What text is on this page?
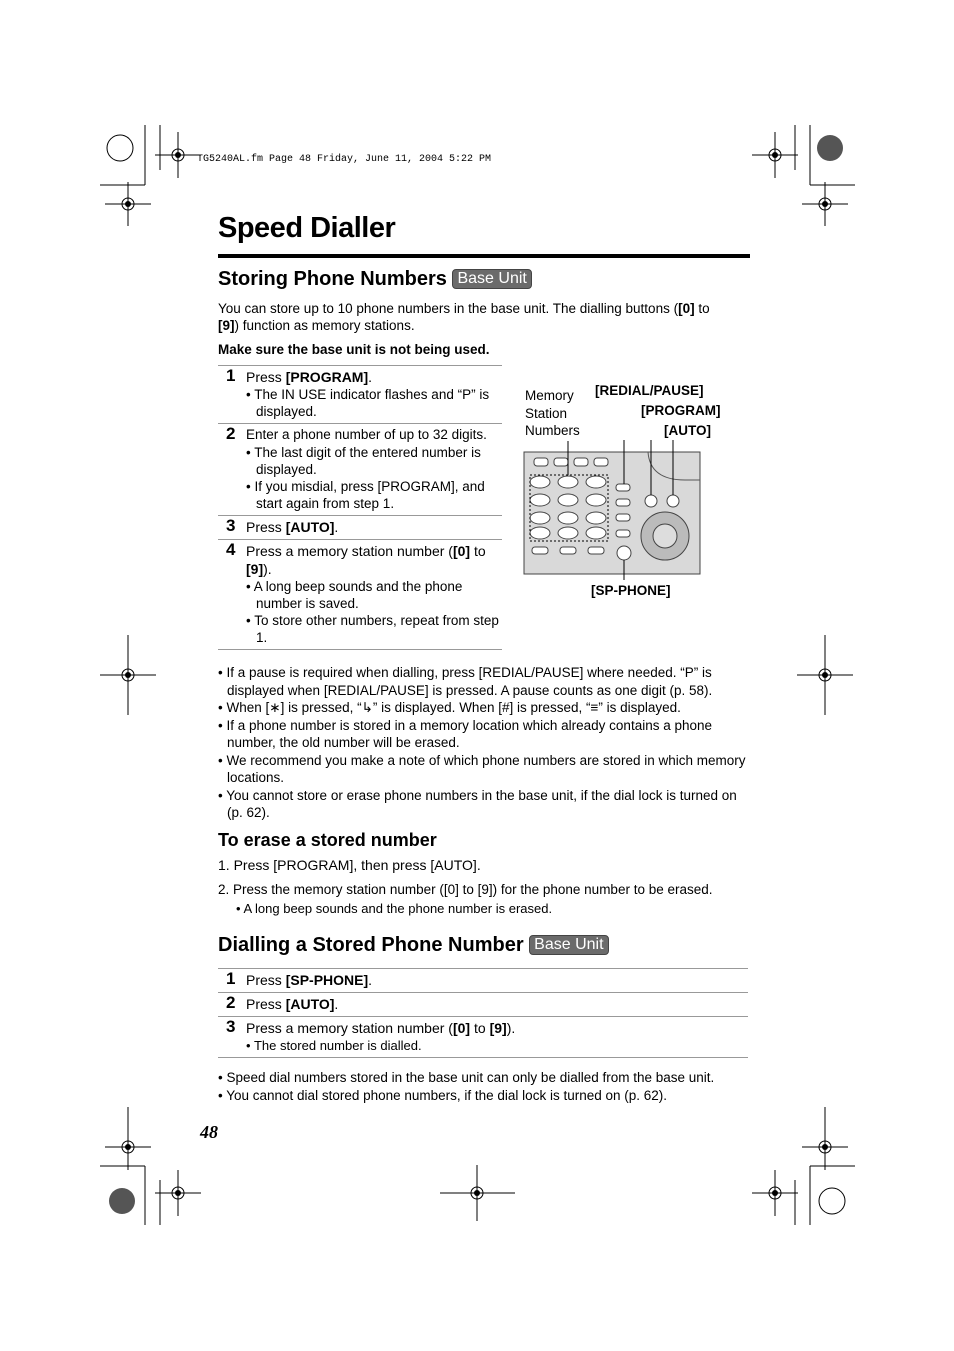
TG5240AL.fm Page 48 Friday, June 11, 2004 5:22 PM
Speed Dialler
Storing Phone Numbers Base Unit
You can store up to 10 phone numbers in the base unit. The dialling buttons ([0] to
[9]) function as memory stations.
Make sure the base unit is not being used.
1 Press [PROGRAM].
• The IN USE indicator flashes and “P” is displayed.
2 Enter a phone number of up to 32 digits.
• The last digit of the entered number is displayed.
• If you misdial, press [PROGRAM], and start again from step 1.
3 Press [AUTO].
4 Press a memory station number ([0] to [9]).
• A long beep sounds and the phone number is saved.
• To store other numbers, repeat from step 1.
Memory
Station
Numbers
[REDIAL/PAUSE]
[PROGRAM]
[AUTO]
[SP-PHONE]
• If a pause is required when dialling, press [REDIAL/PAUSE] where needed. “P” is displayed when [REDIAL/PAUSE] is pressed. A pause counts as one digit (p. 58).
• When [∗] is pressed, “↳” is displayed. When [#] is pressed, “≡” is displayed.
• If a phone number is stored in a memory location which already contains a phone number, the old number will be erased.
• We recommend you make a note of which phone numbers are stored in which memory locations.
• You cannot store or erase phone numbers in the base unit, if the dial lock is turned on (p. 62).
To erase a stored number
1. Press [PROGRAM], then press [AUTO].
2. Press the memory station number ([0] to [9]) for the phone number to be erased.
• A long beep sounds and the phone number is erased.
Dialling a Stored Phone Number Base Unit
1 Press [SP-PHONE].
2 Press [AUTO].
3 Press a memory station number ([0] to [9]).
• The stored number is dialled.
• Speed dial numbers stored in the base unit can only be dialled from the base unit.
• You cannot dial stored phone numbers, if the dial lock is turned on (p. 62).
48
